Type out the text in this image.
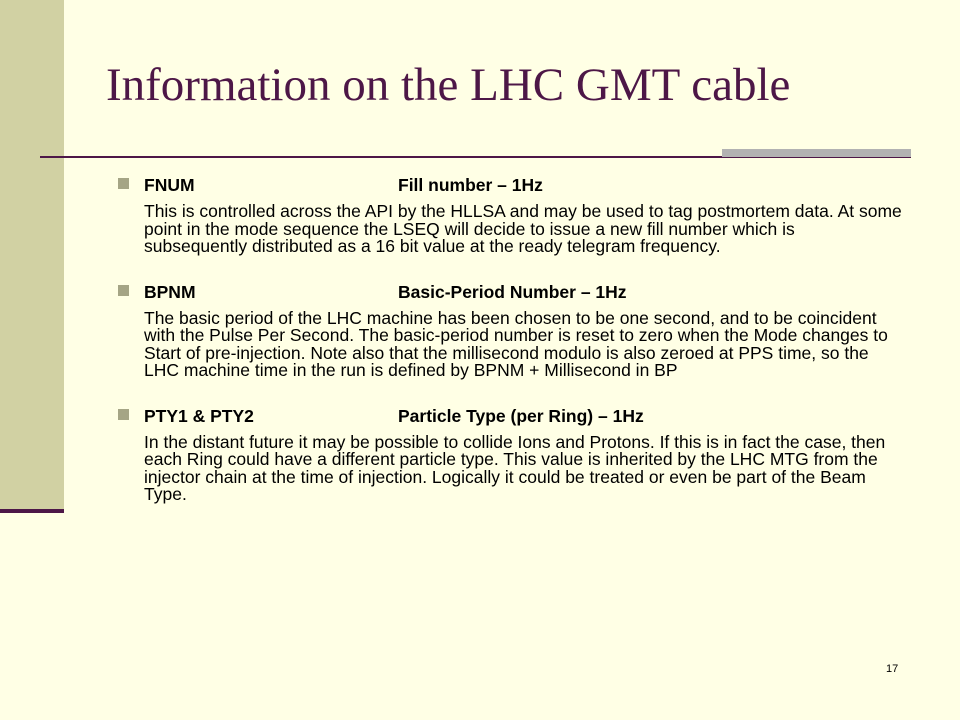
Information on the LHC GMT cable
FNUM	Fill number – 1Hz
This is controlled across the API by the HLLSA and may be used to tag postmortem data. At some point in the mode sequence the LSEQ will decide to issue a new fill number which is subsequently distributed as a 16 bit value at the ready telegram frequency.
BPNM	Basic-Period Number – 1Hz
The basic period of the LHC machine has been chosen to be one second, and to be coincident with the Pulse Per Second. The basic-period number is reset to zero when the Mode changes to Start of pre-injection. Note also that the millisecond modulo is also zeroed at PPS time, so the LHC machine time in the run is defined by BPNM + Millisecond in BP
PTY1 & PTY2	Particle Type (per Ring) – 1Hz
In the distant future it may be possible to collide Ions and Protons. If this is in fact the case, then each Ring could have a different particle type. This value is inherited by the LHC MTG from the injector chain at the time of injection. Logically it could be treated or even be part of the Beam Type.
17
